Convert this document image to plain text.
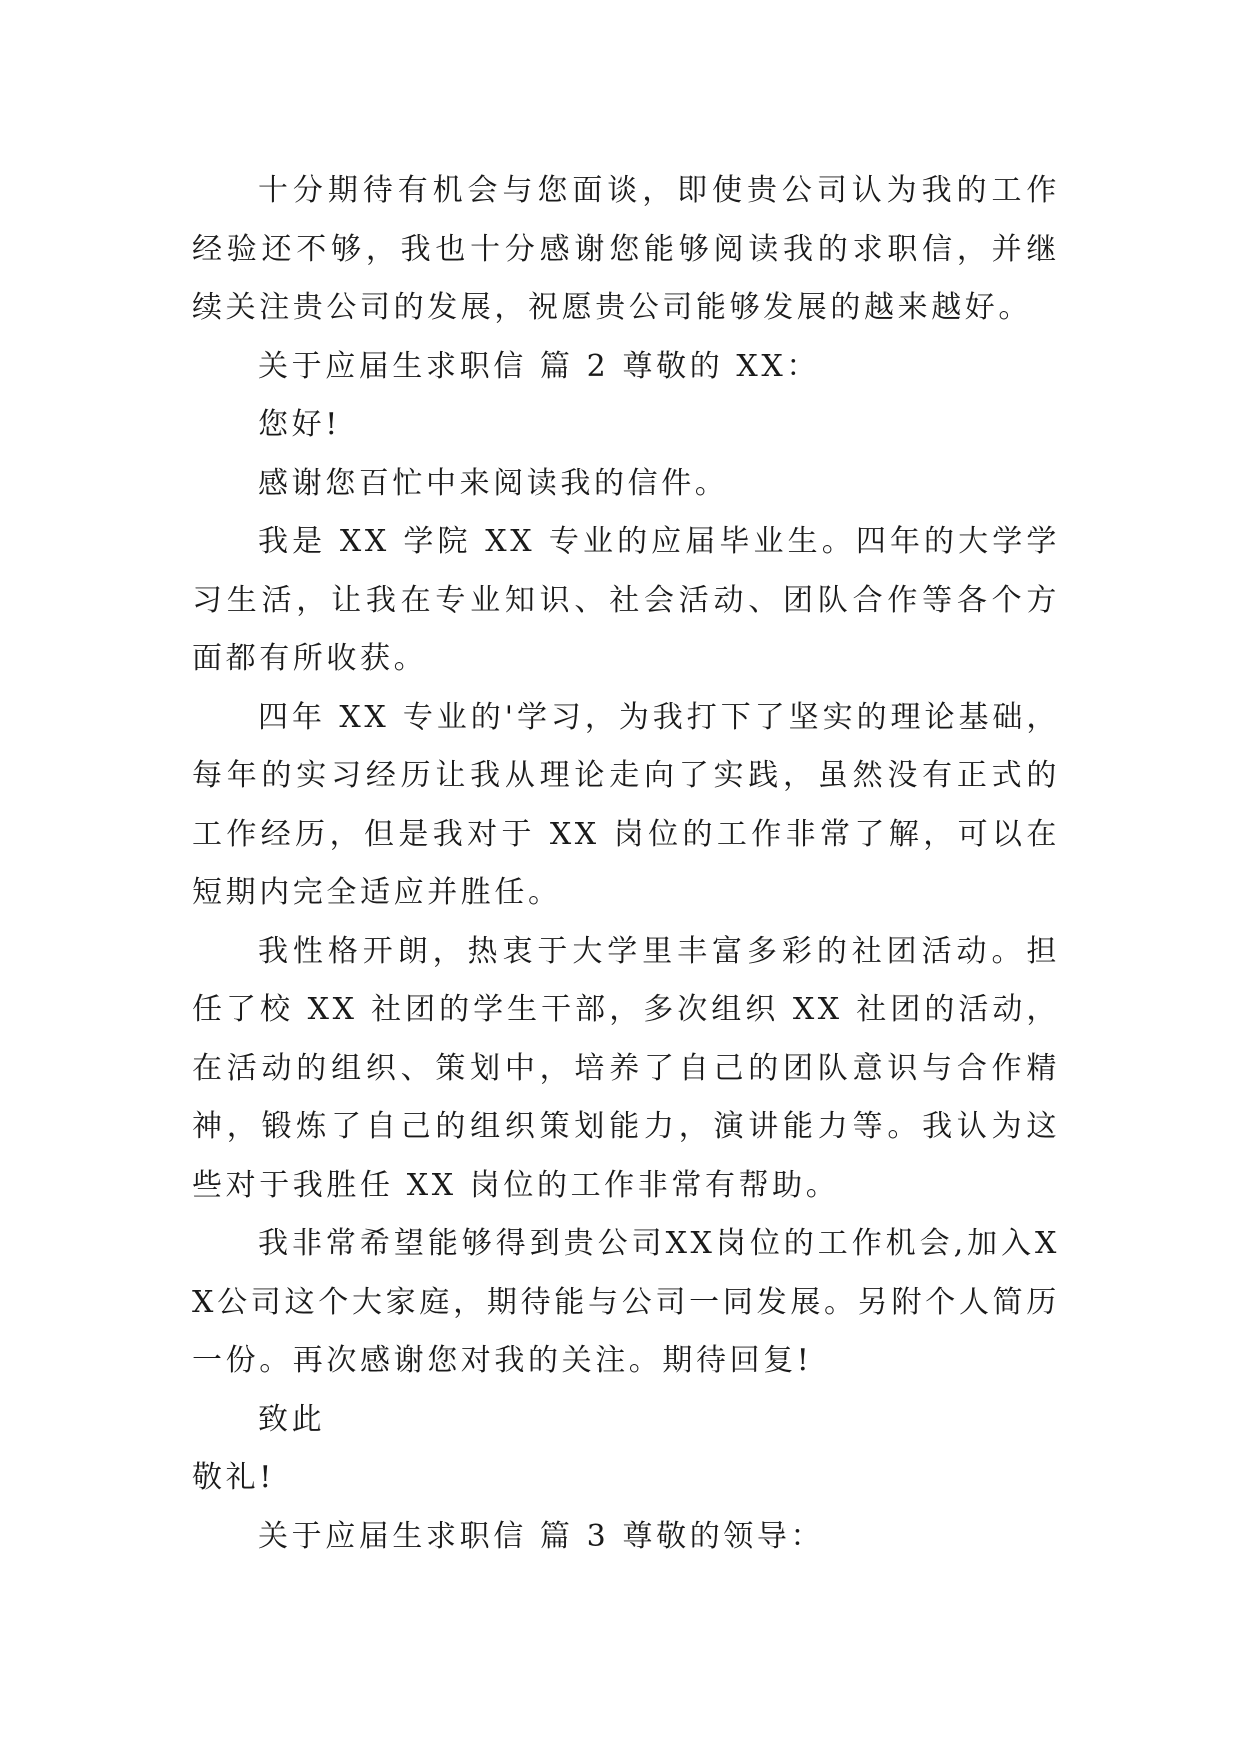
十分期待有机会与您面谈，即使贵公司认为我的工作经验还不够，我也十分感谢您能够阅读我的求职信，并继续关注贵公司的发展，祝愿贵公司能够发展的越来越好。

关于应届生求职信 篇 2 尊敬的 XX：

您好!

感谢您百忙中来阅读我的信件。

我是 XX 学院 XX 专业的应届毕业生。四年的大学学习生活，让我在专业知识、社会活动、团队合作等各个方面都有所收获。

四年 XX 专业的'学习，为我打下了坚实的理论基础，每年的实习经历让我从理论走向了实践，虽然没有正式的工作经历，但是我对于 XX 岗位的工作非常了解，可以在短期内完全适应并胜任。

我性格开朗，热衷于大学里丰富多彩的社团活动。担任了校 XX 社团的学生干部，多次组织 XX 社团的活动，在活动的组织、策划中，培养了自己的团队意识与合作精神，锻炼了自己的组织策划能力，演讲能力等。我认为这些对于我胜任 XX 岗位的工作非常有帮助。

我非常希望能够得到贵公司XX岗位的工作机会,加入XX公司这个大家庭，期待能与公司一同发展。另附个人简历一份。再次感谢您对我的关注。期待回复!

致此

敬礼!

关于应届生求职信 篇 3 尊敬的领导：
